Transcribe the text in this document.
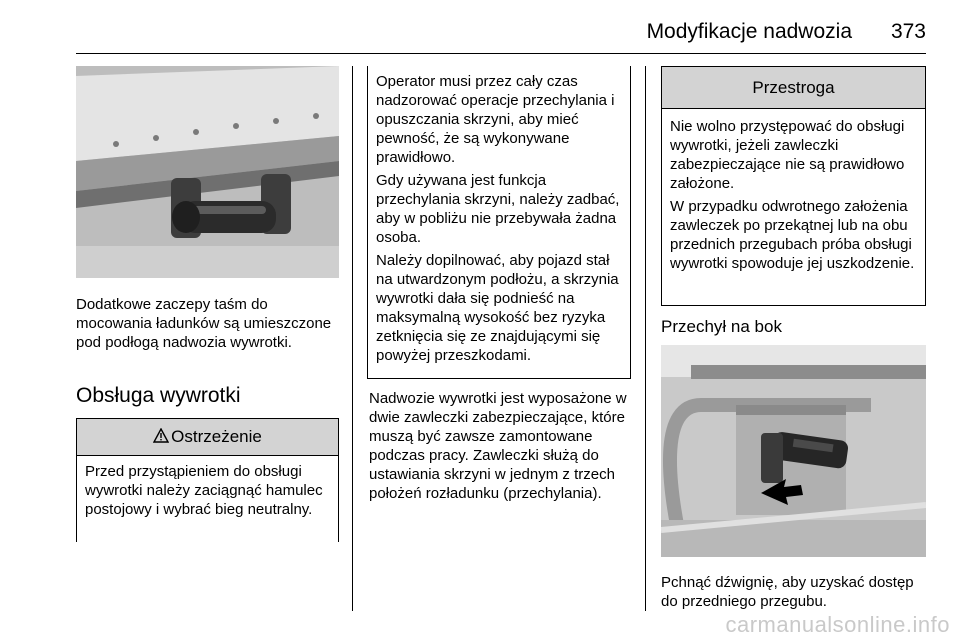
Modyfikacje nadwozia	373
Dodatkowe zaczepy taśm do mocowania ładunków są umieszczone pod podłogą nadwozia wywrotki.
Obsługa wywrotki
Ostrzeżenie
Przed przystąpieniem do obsługi wywrotki należy zaciągnąć hamulec postojowy i wybrać bieg neutralny.

Operator musi przez cały czas nadzorować operacje przechylania i opuszczania skrzyni, aby mieć pewność, że są wykonywane prawidłowo.

Gdy używana jest funkcja przechylania skrzyni, należy zadbać, aby w pobliżu nie przebywała żadna osoba.

Należy dopilnować, aby pojazd stał na utwardzonym podłożu, a skrzynia wywrotki dała się podnieść na maksymalną wysokość bez ryzyka zetknięcia się ze znajdującymi się powyżej przeszkodami.

Nadwozie wywrotki jest wyposażone w dwie zawleczki zabezpieczające, które muszą być zawsze zamontowane podczas pracy. Zawleczki służą do ustawiania skrzyni w jednym z trzech położeń rozładunku (przechylania).
Przestroga

Nie wolno przystępować do obsługi wywrotki, jeżeli zawleczki zabezpieczające nie są prawidłowo założone.

W przypadku odwrotnego założenia zawleczek po przekątnej lub na obu przednich przegubach próba obsługi wywrotki spowoduje jej uszkodzenie.

Przechył na bok
Pchnąć dźwignię, aby uzyskać dostęp do przedniego przegubu.
carmanualsonline.info
